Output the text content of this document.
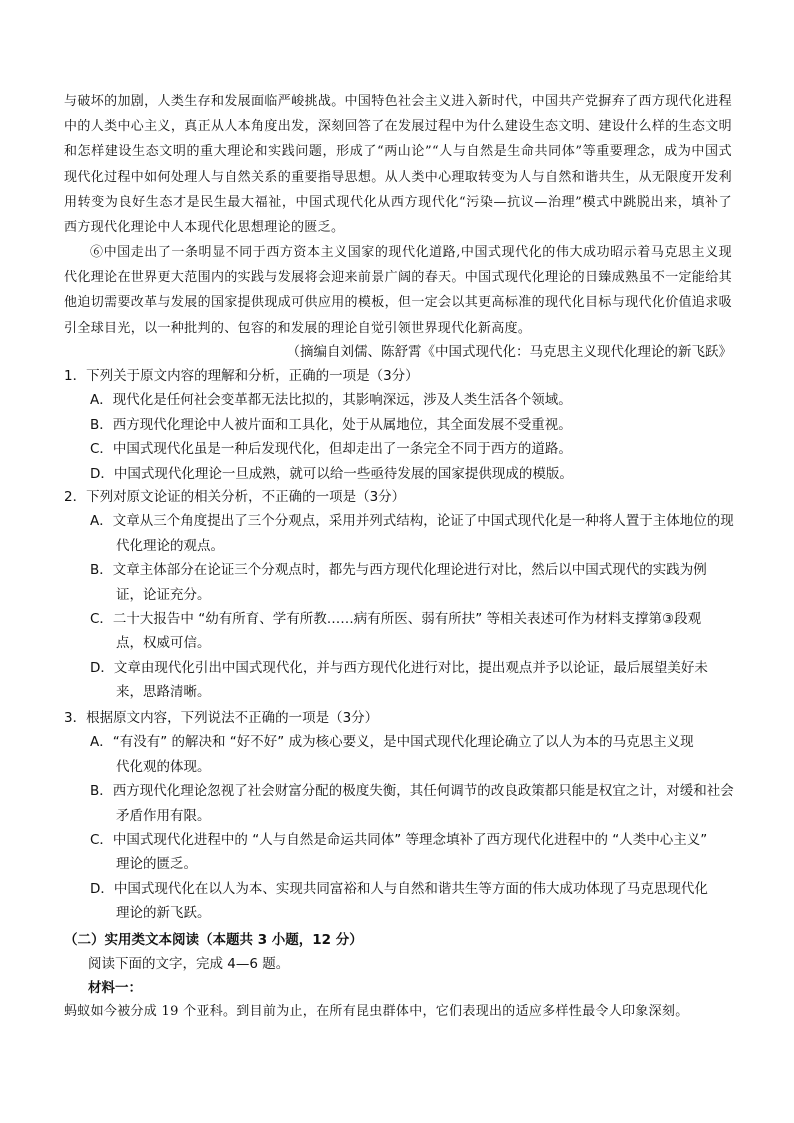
与破坏的加剧，人类生存和发展面临严峻挑战。中国特色社会主义进入新时代，中国共产党摒弃了西方现代化进程中的人类中心主义，真正从人本角度出发，深刻回答了在发展过程中为什么建设生态文明、建设什么样的生态文明和怎样建设生态文明的重大理论和实践问题，形成了“两山论”“人与自然是生命共同体”等重要理念，成为中国式现代化过程中如何处理人与自然关系的重要指导思想。从人类中心理取转变为人与自然和谐共生，从无限度开发利用转变为良好生态才是民生最大福祉，中国式现代化从西方现代化“污染—抗议—治理”模式中跳脱出来，填补了西方现代化理论中人本现代化思想理论的匮乏。

⑥中国走出了一条明显不同于西方资本主义国家的现代化道路,中国式现代化的伟大成功昭示着马克思主义现代化理论在世界更大范围内的实践与发展将会迎来前景广阔的春天。中国式现代化理论的日臻成熟虽不一定能给其他迫切需要改革与发展的国家提供现成可供应用的模板，但一定会以其更高标准的现代化目标与现代化价值追求吸引全球目光，以一种批判的、包容的和发展的理论自觉引领世界现代化新高度。

（摘编自刘儒、陈舒霄《中国式现代化：马克思主义现代化理论的新飞跃》

1．下列关于原文内容的理解和分析，正确的一项是（3分）

A．现代化是任何社会变革都无法比拟的，其影响深远，涉及人类生活各个领域。

B．西方现代化理论中人被片面和工具化，处于从属地位，其全面发展不受重视。

C．中国式现代化虽是一种后发现代化，但却走出了一条完全不同于西方的道路。

D．中国式现代化理论一旦成熟，就可以给一些亟待发展的国家提供现成的模版。

2．下列对原文论证的相关分析，不正确的一项是（3分）

A．文章从三个角度提出了三个分观点，采用并列式结构，论证了中国式现代化是一种将人置于主体地位的现
代化理论的观点。

B．文章主体部分在论证三个分观点时，都先与西方现代化理论进行对比，然后以中国式现代的实践为例
证，论证充分。

C．二十大报告中 “幼有所育、学有所教……病有所医、弱有所扶” 等相关表述可作为材料支撑第③段观
点，权威可信。

D．文章由现代化引出中国式现代化，并与西方现代化进行对比，提出观点并予以论证，最后展望美好未
来，思路清晰。

3．根据原文内容，下列说法不正确的一项是（3分）

A．“有没有” 的解决和 “好不好” 成为核心要义，是中国式现代化理论确立了以人为本的马克思主义现
代化观的体现。

B．西方现代化理论忽视了社会财富分配的极度失衡，其任何调节的改良政策都只能是权宜之计，对缓和社会
矛盾作用有限。

C．中国式现代化进程中的 “人与自然是命运共同体” 等理念填补了西方现代化进程中的 “人类中心主义”
理论的匮乏。

D．中国式现代化在以人为本、实现共同富裕和人与自然和谐共生等方面的伟大成功体现了马克思现代化
理论的新飞跃。

（二）实用类文本阅读（本题共 3 小题，12 分）
阅读下面的文字，完成 4—6 题。
材料一：
蚂蚁如今被分成 19 个亚科。到目前为止，在所有昆虫群体中，它们表现出的适应多样性最令人印象深刻。
